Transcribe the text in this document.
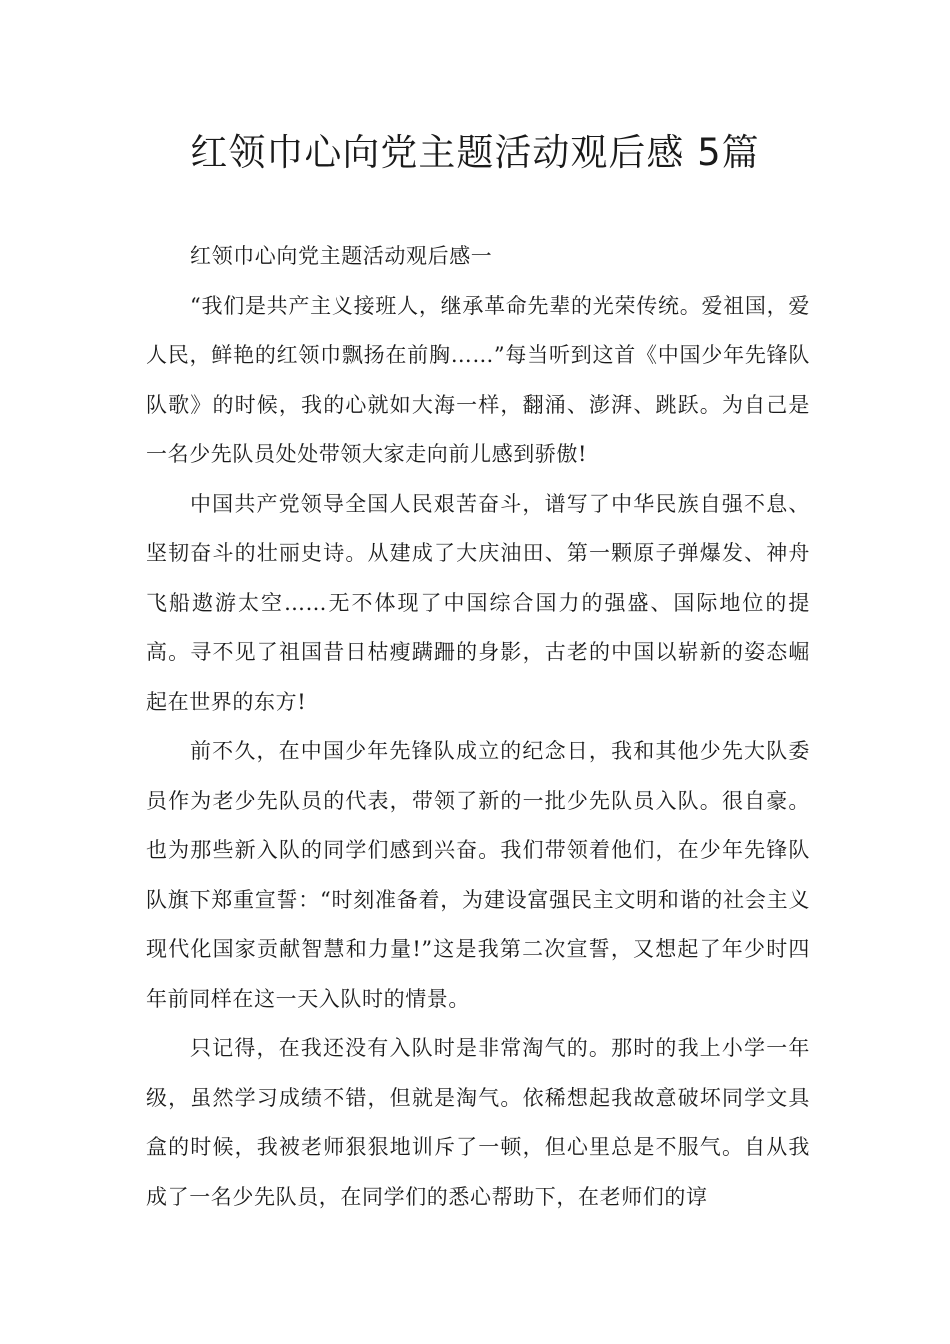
红领巾心向党主题活动观后感 5篇

红领巾心向党主题活动观后感一

“我们是共产主义接班人，继承革命先辈的光荣传统。爱祖国，爱人民，鲜艳的红领巾飘扬在前胸……”每当听到这首《中国少年先锋队队歌》的时候，我的心就如大海一样，翻涌、澎湃、跳跃。为自己是一名少先队员处处带领大家走向前儿感到骄傲!

中国共产党领导全国人民艰苦奋斗，谱写了中华民族自强不息、坚韧奋斗的壮丽史诗。从建成了大庆油田、第一颗原子弹爆发、神舟飞船遨游太空……无不体现了中国综合国力的强盛、国际地位的提高。寻不见了祖国昔日枯瘦蹒跚的身影，古老的中国以崭新的姿态崛起在世界的东方!

前不久，在中国少年先锋队成立的纪念日，我和其他少先大队委员作为老少先队员的代表，带领了新的一批少先队员入队。很自豪。也为那些新入队的同学们感到兴奋。我们带领着他们，在少年先锋队队旗下郑重宣誓：“时刻准备着，为建设富强民主文明和谐的社会主义现代化国家贡献智慧和力量!”这是我第二次宣誓，又想起了年少时四年前同样在这一天入队时的情景。

只记得，在我还没有入队时是非常淘气的。那时的我上小学一年级，虽然学习成绩不错，但就是淘气。依稀想起我故意破坏同学文具盒的时候，我被老师狠狠地训斥了一顿，但心里总是不服气。自从我成了一名少先队员，在同学们的悉心帮助下，在老师们的谆
